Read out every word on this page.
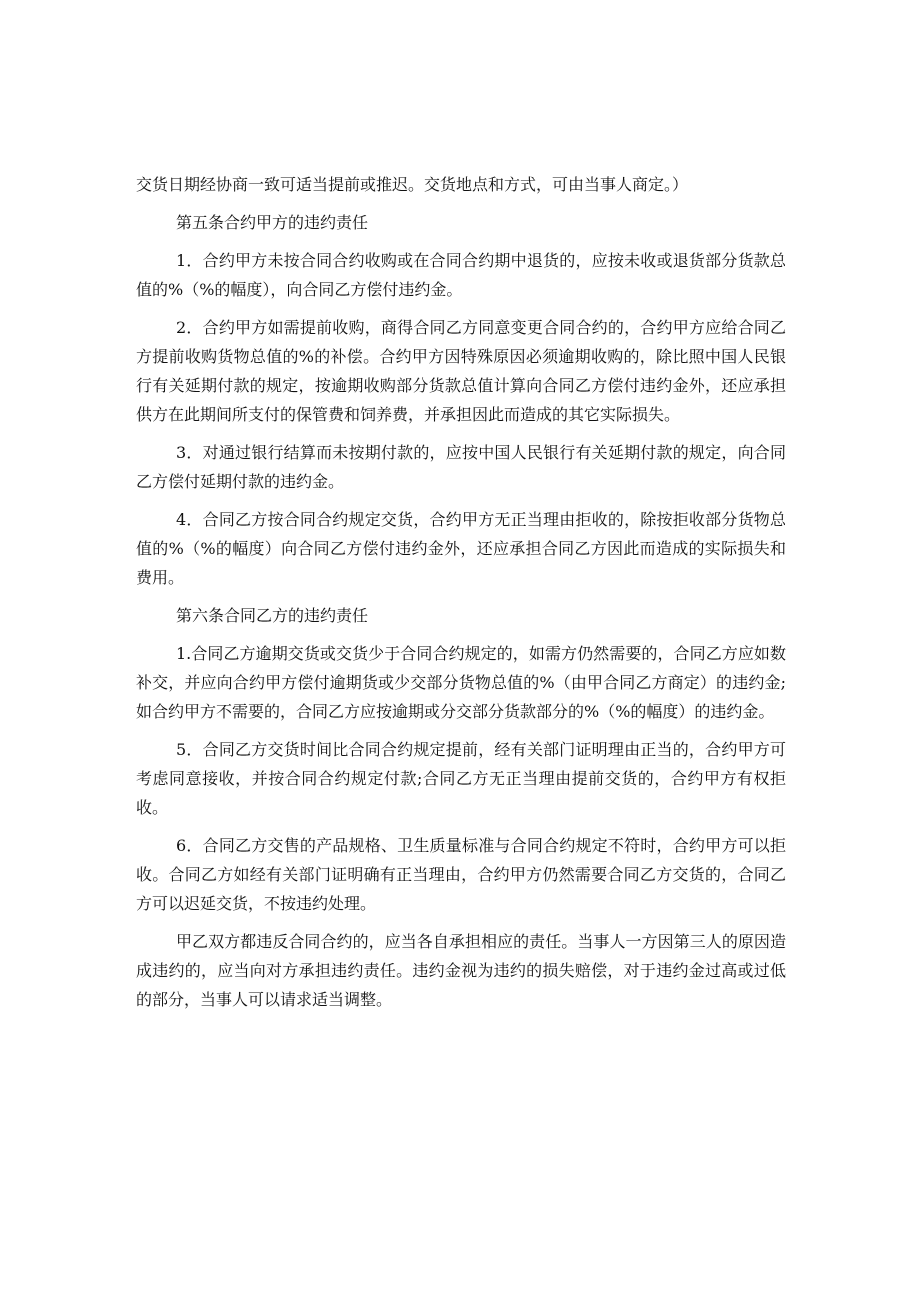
交货日期经协商一致可适当提前或推迟。交货地点和方式，可由当事人商定。）

第五条合约甲方的违约责任

1．合约甲方未按合同合约收购或在合同合约期中退货的，应按未收或退货部分货款总值的%（%的幅度），向合同乙方偿付违约金。

2．合约甲方如需提前收购，商得合同乙方同意变更合同合约的，合约甲方应给合同乙方提前收购货物总值的%的补偿。合约甲方因特殊原因必须逾期收购的，除比照中国人民银行有关延期付款的规定，按逾期收购部分货款总值计算向合同乙方偿付违约金外，还应承担供方在此期间所支付的保管费和饲养费，并承担因此而造成的其它实际损失。

3．对通过银行结算而未按期付款的，应按中国人民银行有关延期付款的规定，向合同乙方偿付延期付款的违约金。

4．合同乙方按合同合约规定交货，合约甲方无正当理由拒收的，除按拒收部分货物总值的%（%的幅度）向合同乙方偿付违约金外，还应承担合同乙方因此而造成的实际损失和费用。

第六条合同乙方的违约责任

1.合同乙方逾期交货或交货少于合同合约规定的，如需方仍然需要的，合同乙方应如数补交，并应向合约甲方偿付逾期货或少交部分货物总值的%（由甲合同乙方商定）的违约金;如合约甲方不需要的，合同乙方应按逾期或分交部分货款部分的%（%的幅度）的违约金。

5．合同乙方交货时间比合同合约规定提前，经有关部门证明理由正当的，合约甲方可考虑同意接收，并按合同合约规定付款;合同乙方无正当理由提前交货的，合约甲方有权拒收。

6．合同乙方交售的产品规格、卫生质量标准与合同合约规定不符时，合约甲方可以拒收。合同乙方如经有关部门证明确有正当理由，合约甲方仍然需要合同乙方交货的，合同乙方可以迟延交货，不按违约处理。

甲乙双方都违反合同合约的，应当各自承担相应的责任。当事人一方因第三人的原因造成违约的，应当向对方承担违约责任。违约金视为违约的损失赔偿，对于违约金过高或过低的部分，当事人可以请求适当调整。
